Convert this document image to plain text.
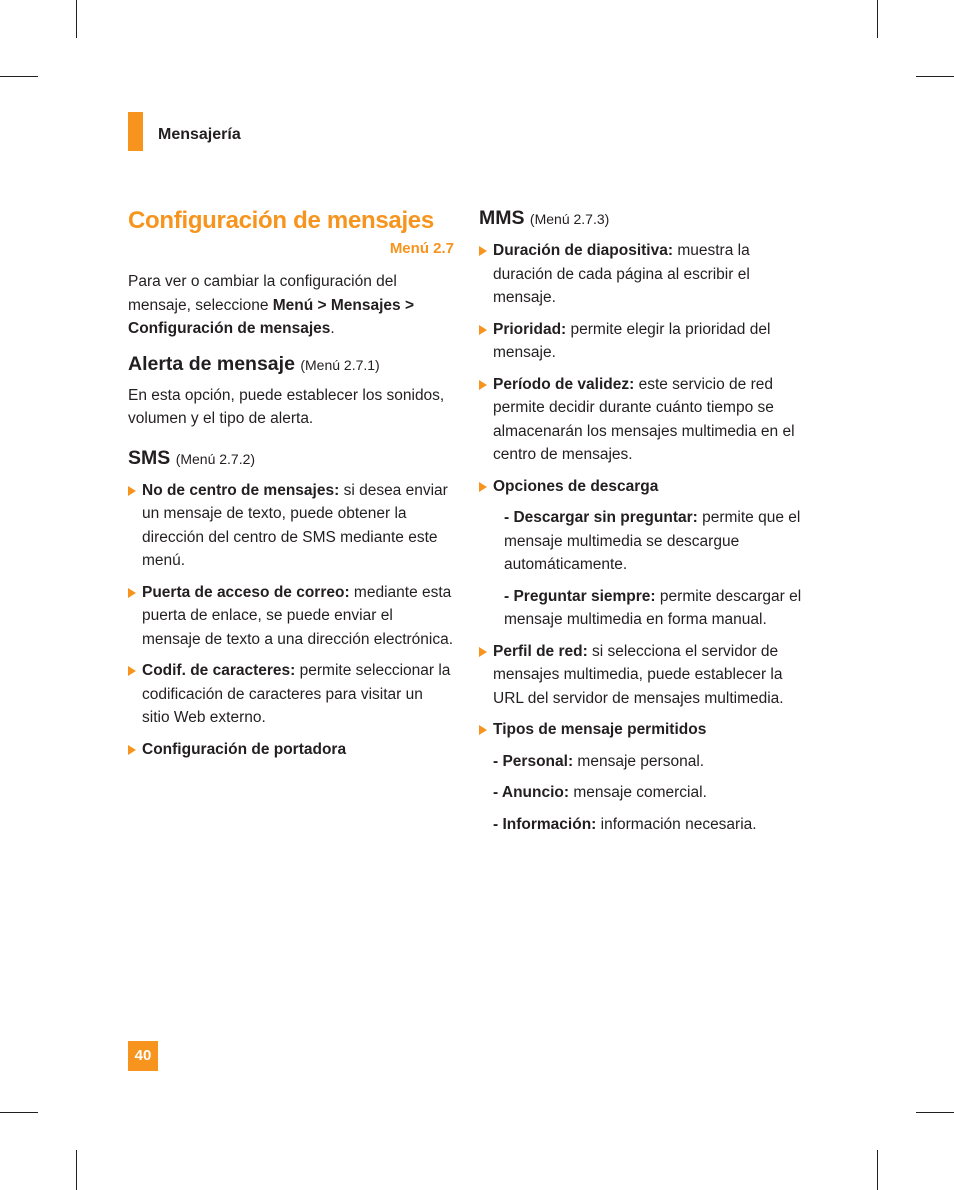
Mensajería
Configuración de mensajes
Menú 2.7

Para ver o cambiar la configuración del mensaje, seleccione Menú > Mensajes > Configuración de mensajes.

Alerta de mensaje (Menú 2.7.1)

En esta opción, puede establecer los sonidos, volumen y el tipo de alerta.

SMS (Menú 2.7.2)
No de centro de mensajes: si desea enviar un mensaje de texto, puede obtener la dirección del centro de SMS mediante este menú.
Puerta de acceso de correo: mediante esta puerta de enlace, se puede enviar el mensaje de texto a una dirección electrónica.
Codif. de caracteres: permite seleccionar la codificación de caracteres para visitar un sitio Web externo.
Configuración de portadora
MMS (Menú 2.7.3)
Duración de diapositiva: muestra la duración de cada página al escribir el mensaje.
Prioridad: permite elegir la prioridad del mensaje.
Período de validez: este servicio de red permite decidir durante cuánto tiempo se almacenarán los mensajes multimedia en el centro de mensajes.
Opciones de descarga
- Descargar sin preguntar: permite que el mensaje multimedia se descargue automáticamente.
- Preguntar siempre: permite descargar el mensaje multimedia en forma manual.
Perfil de red: si selecciona el servidor de mensajes multimedia, puede establecer la URL del servidor de mensajes multimedia.
Tipos de mensaje permitidos
- Personal: mensaje personal.
- Anuncio: mensaje comercial.
- Información: información necesaria.
40
